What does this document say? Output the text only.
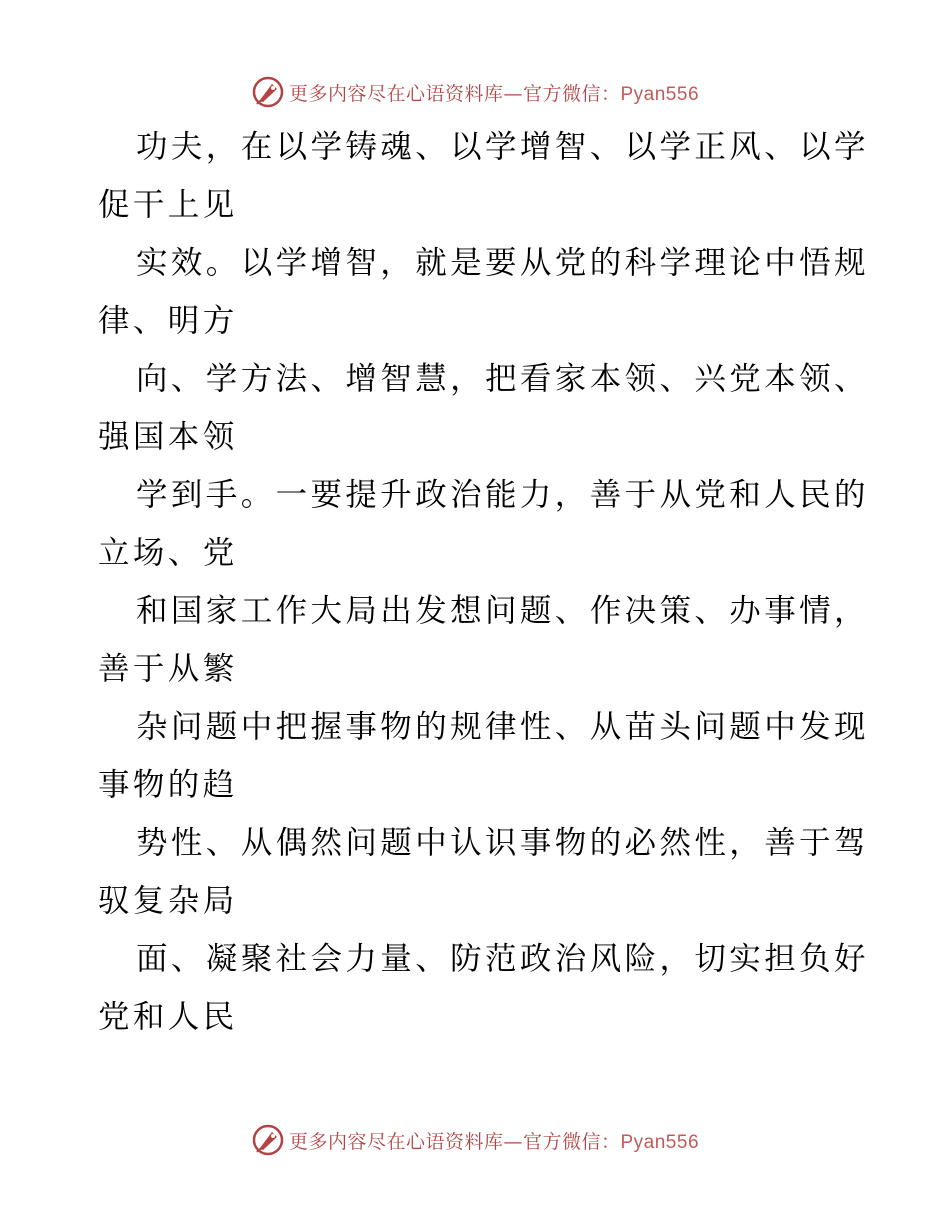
更多内容尽在心语资料库—官方微信：Pyan556
功夫，在以学铸魂、以学增智、以学正风、以学
促干上见
实效。以学增智，就是要从党的科学理论中悟规
律、明方
向、学方法、增智慧，把看家本领、兴党本领、
强国本领
学到手。一要提升政治能力，善于从党和人民的
立场、党
和国家工作大局出发想问题、作决策、办事情，
善于从繁
杂问题中把握事物的规律性、从苗头问题中发现
事物的趋
势性、从偶然问题中认识事物的必然性，善于驾
驭复杂局
面、凝聚社会力量、防范政治风险，切实担负好
党和人民
更多内容尽在心语资料库—官方微信：Pyan556
